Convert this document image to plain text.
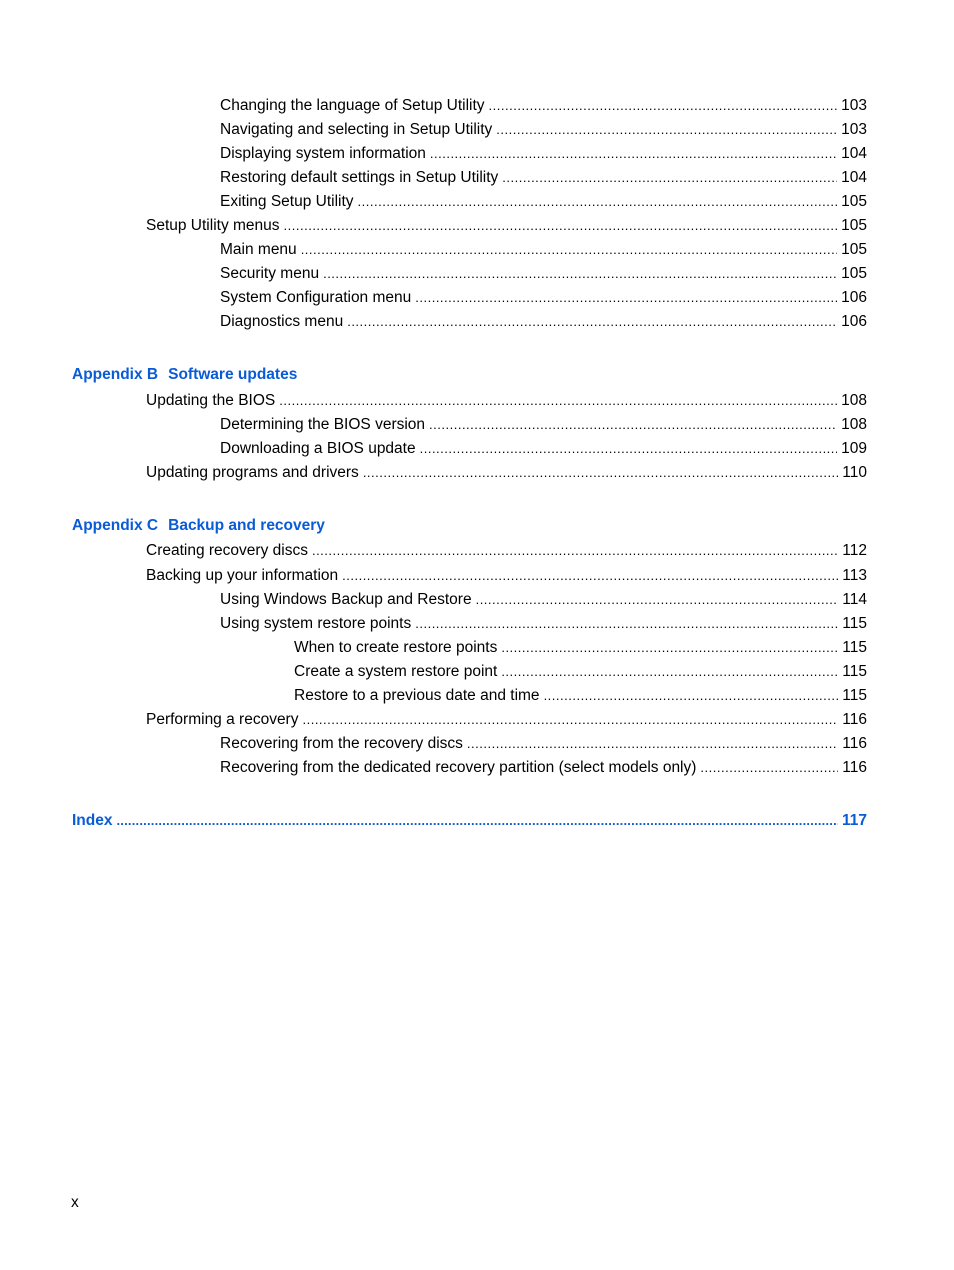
Changing the language of Setup Utility .....	103
Navigating and selecting in Setup Utility .....	103
Displaying system information .....	104
Restoring default settings in Setup Utility .....	104
Exiting Setup Utility .....	105
Setup Utility menus .....	105
Main menu .....	105
Security menu .....	105
System Configuration menu .....	106
Diagnostics menu .....	106
Appendix B Software updates
Updating the BIOS .....	108
Determining the BIOS version .....	108
Downloading a BIOS update .....	109
Updating programs and drivers .....	110
Appendix C Backup and recovery
Creating recovery discs .....	112
Backing up your information .....	113
Using Windows Backup and Restore .....	114
Using system restore points .....	115
When to create restore points .....	115
Create a system restore point .....	115
Restore to a previous date and time .....	115
Performing a recovery .....	116
Recovering from the recovery discs .....	116
Recovering from the dedicated recovery partition (select models only) .....	116
Index .....	117
x
